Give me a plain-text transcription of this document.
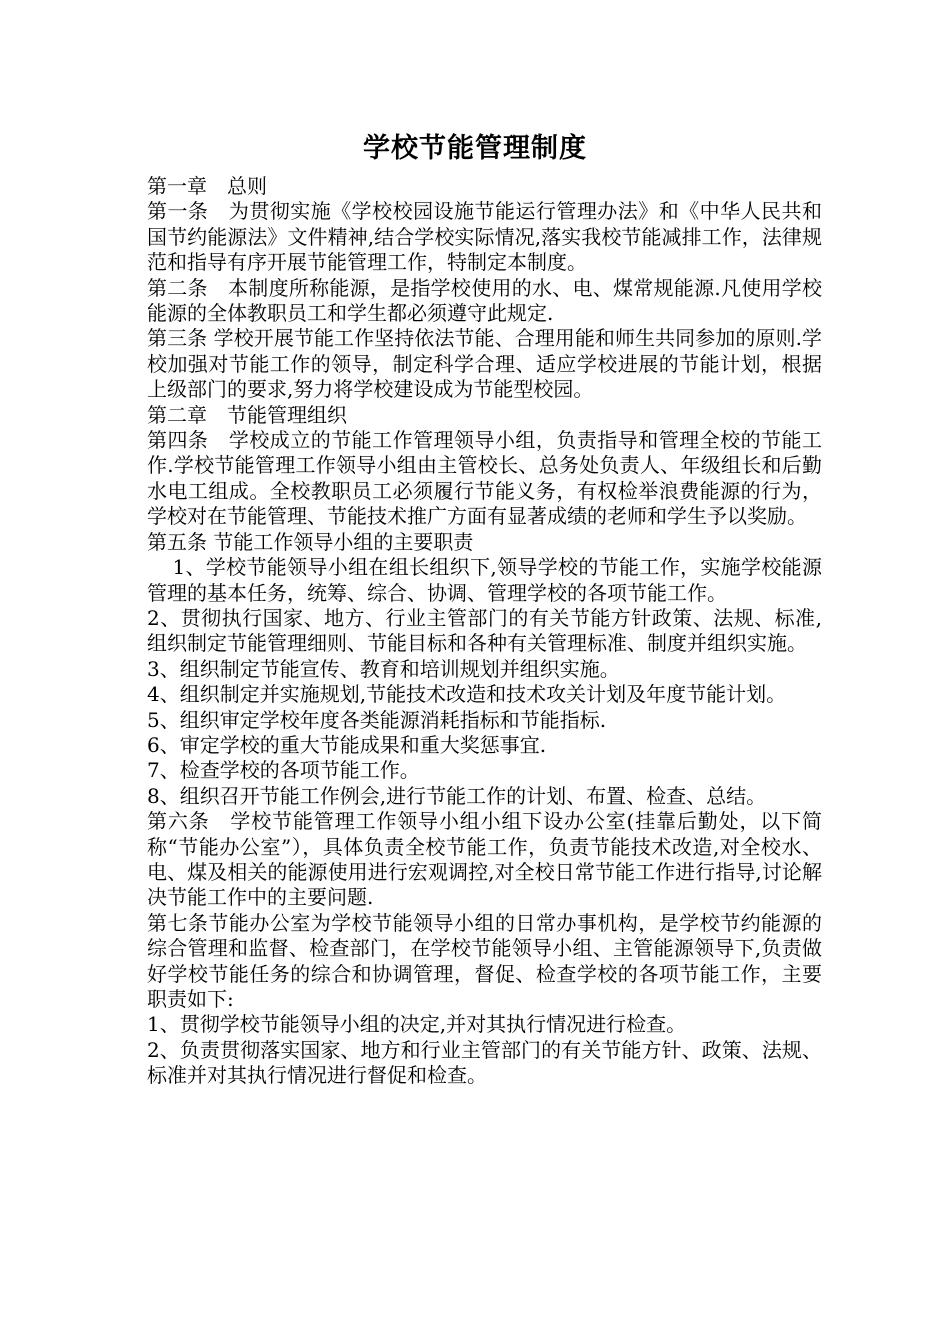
学校节能管理制度

第一章　总则

第一条　为贯彻实施《学校校园设施节能运行管理办法》和《中华人民共和国节约能源法》文件精神,结合学校实际情况,落实我校节能减排工作，法律规范和指导有序开展节能管理工作，特制定本制度。

第二条　本制度所称能源，是指学校使用的水、电、煤常规能源.凡使用学校能源的全体教职员工和学生都必须遵守此规定.

第三条 学校开展节能工作坚持依法节能、合理用能和师生共同参加的原则.学校加强对节能工作的领导，制定科学合理、适应学校进展的节能计划，根据上级部门的要求,努力将学校建设成为节能型校园。

第二章　节能管理组织

第四条　学校成立的节能工作管理领导小组，负责指导和管理全校的节能工作.学校节能管理工作领导小组由主管校长、总务处负责人、年级组长和后勤水电工组成。全校教职员工必须履行节能义务，有权检举浪费能源的行为，学校对在节能管理、节能技术推广方面有显著成绩的老师和学生予以奖励。

第五条 节能工作领导小组的主要职责

1、学校节能领导小组在组长组织下,领导学校的节能工作，实施学校能源管理的基本任务，统筹、综合、协调、管理学校的各项节能工作。

2、贯彻执行国家、地方、行业主管部门的有关节能方针政策、法规、标准,组织制定节能管理细则、节能目标和各种有关管理标准、制度并组织实施。

3、组织制定节能宣传、教育和培训规划并组织实施。

4、组织制定并实施规划,节能技术改造和技术攻关计划及年度节能计划。

5、组织审定学校年度各类能源消耗指标和节能指标.

6、审定学校的重大节能成果和重大奖惩事宜.

7、检查学校的各项节能工作。

8、组织召开节能工作例会,进行节能工作的计划、布置、检查、总结。

第六条　学校节能管理工作领导小组小组下设办公室(挂靠后勤处，以下简称“节能办公室”），具体负责全校节能工作，负责节能技术改造,对全校水、电、煤及相关的能源使用进行宏观调控,对全校日常节能工作进行指导,讨论解决节能工作中的主要问题.

第七条节能办公室为学校节能领导小组的日常办事机构，是学校节约能源的综合管理和监督、检查部门，在学校节能领导小组、主管能源领导下,负责做好学校节能任务的综合和协调管理，督促、检查学校的各项节能工作，主要职责如下:

1、贯彻学校节能领导小组的决定,并对其执行情况进行检查。

2、负责贯彻落实国家、地方和行业主管部门的有关节能方针、政策、法规、标准并对其执行情况进行督促和检查。
